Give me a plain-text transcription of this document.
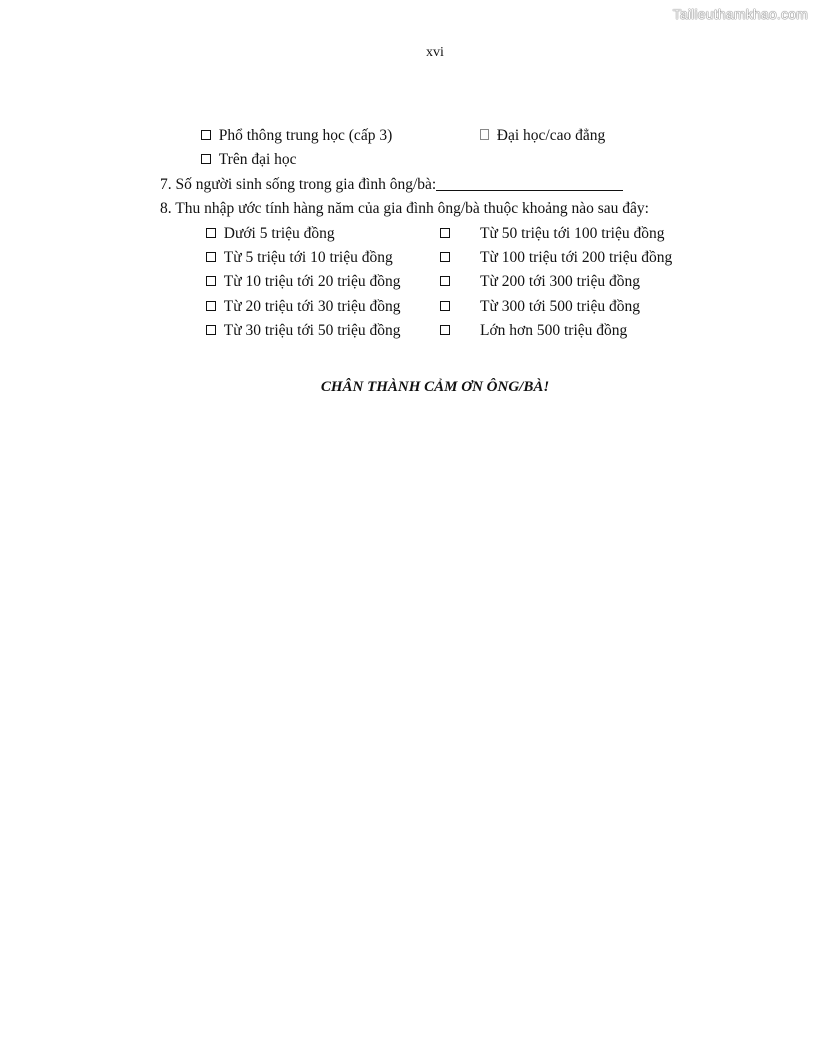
Tailieuthamkhao.com
xvi
Phổ thông trung học (cấp 3)	Đại học/cao đẳng
Trên đại học
7. Số người sinh sống trong gia đình ông/bà:
8. Thu nhập ước tính hàng năm của gia đình ông/bà thuộc khoảng nào sau đây:
Dưới 5 triệu đồng
Từ 5 triệu tới 10 triệu đồng
Từ 10 triệu tới 20 triệu đồng
Từ 20 triệu tới 30 triệu đồng
Từ 30 triệu tới 50 triệu đồng
Từ 50 triệu tới 100 triệu đồng
Từ 100 triệu tới 200 triệu đồng
Từ 200 tới 300 triệu đồng
Từ 300 tới 500 triệu đồng
Lớn hơn 500 triệu đồng
CHÂN THÀNH CẢM ƠN ÔNG/BÀ!
